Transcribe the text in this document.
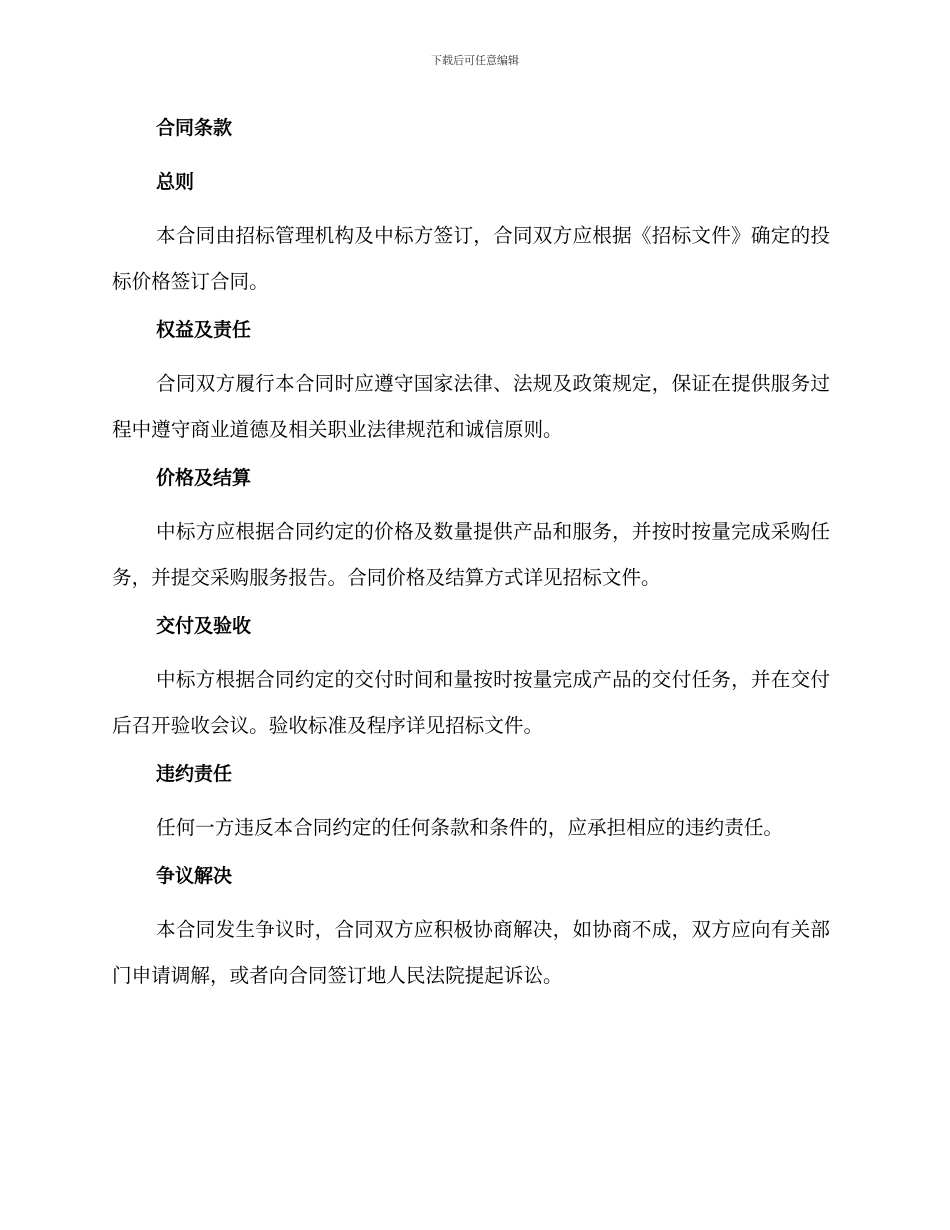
下载后可任意编辑
合同条款
总则

本合同由招标管理机构及中标方签订，合同双方应根据《招标文件》确定的投标价格签订合同。

权益及责任

合同双方履行本合同时应遵守国家法律、法规及政策规定，保证在提供服务过程中遵守商业道德及相关职业法律规范和诚信原则。

价格及结算

中标方应根据合同约定的价格及数量提供产品和服务，并按时按量完成采购任务，并提交采购服务报告。合同价格及结算方式详见招标文件。

交付及验收

中标方根据合同约定的交付时间和量按时按量完成产品的交付任务，并在交付后召开验收会议。验收标准及程序详见招标文件。

违约责任

任何一方违反本合同约定的任何条款和条件的，应承担相应的违约责任。

争议解决

本合同发生争议时，合同双方应积极协商解决，如协商不成，双方应向有关部门申请调解，或者向合同签订地人民法院提起诉讼。
